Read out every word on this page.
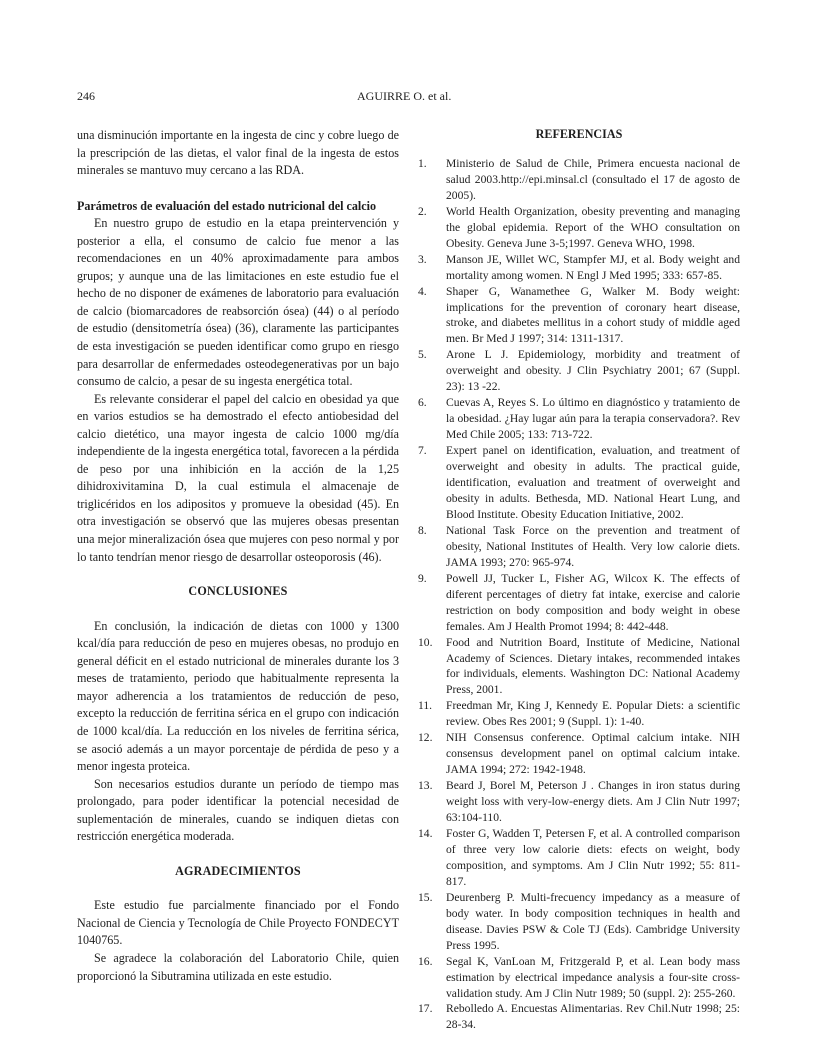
246	AGUIRRE O. et al.

una disminución importante en la ingesta de cinc y cobre luego de la prescripción de las dietas, el valor final de la ingesta de estos minerales se mantuvo muy cercano a las RDA.

Parámetros de evaluación del estado nutricional del calcio

En nuestro grupo de estudio en la etapa preintervención y posterior a ella, el consumo de calcio fue menor a las recomendaciones en un 40% aproximadamente para ambos grupos; y aunque una de las limitaciones en este estudio fue el hecho de no disponer de exámenes de laboratorio para evaluación de calcio (biomarcadores de reabsorción ósea) (44) o al período de estudio (densitometría ósea) (36), claramente las participantes de esta investigación se pueden identificar como grupo en riesgo para desarrollar de enfermedades osteodegenerativas por un bajo consumo de calcio, a pesar de su ingesta energética total.

Es relevante considerar el papel del calcio en obesidad ya que en varios estudios se ha demostrado el efecto antiobesidad del calcio dietético, una mayor ingesta de calcio 1000 mg/día independiente de la ingesta energética total, favorecen a la pérdida de peso por una inhibición en la acción de la 1,25 dihidroxivitamina D, la cual estimula el almacenaje de triglicéridos en los adipositos y promueve la obesidad (45). En otra investigación se observó que las mujeres obesas presentan una mejor mineralización ósea que mujeres con peso normal y por lo tanto tendrían menor riesgo de desarrollar osteoporosis (46).

CONCLUSIONES

En conclusión, la indicación de dietas con 1000 y 1300 kcal/día para reducción de peso en mujeres obesas, no produjo en general déficit en el estado nutricional de minerales durante los 3 meses de tratamiento, periodo que habitualmente representa la mayor adherencia a los tratamientos de reducción de peso, excepto la reducción de ferritina sérica en el grupo con indicación de 1000 kcal/día. La reducción en los niveles de ferritina sérica, se asoció además a un mayor porcentaje de pérdida de peso y a menor ingesta proteica.

Son necesarios estudios durante un período de tiempo mas prolongado, para poder identificar la potencial necesidad de suplementación de minerales, cuando se indiquen dietas con restricción energética moderada.

AGRADECIMIENTOS

Este estudio fue parcialmente financiado por el Fondo Nacional de Ciencia y Tecnología de Chile Proyecto FONDECYT 1040765.

Se agradece la colaboración del Laboratorio Chile, quien proporcionó la Sibutramina utilizada en este estudio.

REFERENCIAS
1. Ministerio de Salud de Chile, Primera encuesta nacional de salud 2003.http://epi.minsal.cl (consultado el 17 de agosto de 2005).
2. World Health Organization, obesity preventing and managing the global epidemia. Report of the WHO consultation on Obesity. Geneva June 3-5;1997. Geneva WHO, 1998.
3. Manson JE, Willet WC, Stampfer MJ, et al. Body weight and mortality among women. N Engl J Med 1995; 333: 657-85.
4. Shaper G, Wanamethee G, Walker M. Body weight: implications for the prevention of coronary heart disease, stroke, and diabetes mellitus in a cohort study of middle aged men. Br Med J 1997; 314: 1311-1317.
5. Arone L J. Epidemiology, morbidity and treatment of overweight and obesity. J Clin Psychiatry 2001; 67 (Suppl. 23): 13 -22.
6. Cuevas A, Reyes S. Lo último en diagnóstico y tratamiento de la obesidad. ¿Hay lugar aún para la terapia conservadora?. Rev Med Chile 2005; 133: 713-722.
7. Expert panel on identification, evaluation, and treatment of overweight and obesity in adults. The practical guide, identification, evaluation and treatment of overweight and obesity in adults. Bethesda, MD. National Heart Lung, and Blood Institute. Obesity Education Initiative, 2002.
8. National Task Force on the prevention and treatment of obesity, National Institutes of Health. Very low calorie diets. JAMA 1993; 270: 965-974.
9. Powell JJ, Tucker L, Fisher AG, Wilcox K. The effects of diferent percentages of dietry fat intake, exercise and calorie restriction on body composition and body weight in obese females. Am J Health Promot 1994; 8: 442-448.
10. Food and Nutrition Board, Institute of Medicine, National Academy of Sciences. Dietary intakes, recommended intakes for individuals, elements. Washington DC: National Academy Press, 2001.
11. Freedman Mr, King J, Kennedy E. Popular Diets: a scientific review. Obes Res 2001; 9 (Suppl. 1): 1-40.
12. NIH Consensus conference. Optimal calcium intake. NIH consensus development panel on optimal calcium intake. JAMA 1994; 272: 1942-1948.
13. Beard J, Borel M, Peterson J . Changes in iron status during weight loss with very-low-energy diets. Am J Clin Nutr 1997; 63:104-110.
14. Foster G, Wadden T, Petersen F, et al. A controlled comparison of three very low calorie diets: efects on weight, body composition, and symptoms. Am J Clin Nutr 1992; 55: 811-817.
15. Deurenberg P. Multi-frecuency impedancy as a measure of body water. In body composition techniques in health and disease. Davies PSW & Cole TJ (Eds). Cambridge University Press 1995.
16. Segal K, VanLoan M, Fritzgerald P, et al. Lean body mass estimation by electrical impedance analysis a four-site cross-validation study. Am J Clin Nutr 1989; 50 (suppl. 2): 255-260.
17. Rebolledo A. Encuestas Alimentarias. Rev Chil.Nutr 1998; 25: 28-34.
